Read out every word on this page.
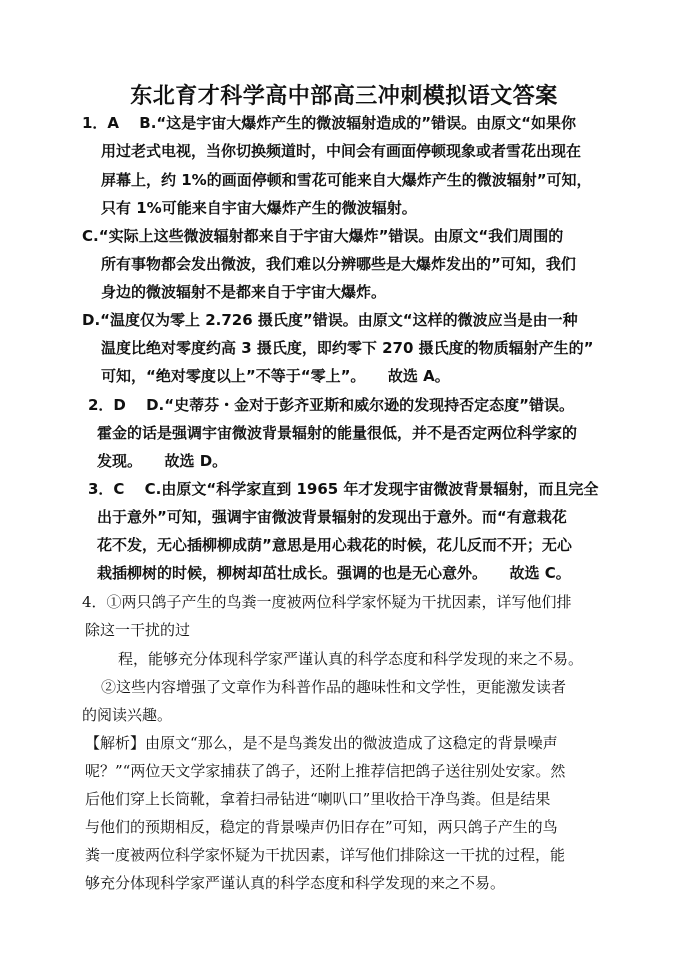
东北育才科学高中部高三冲刺模拟语文答案
1．A　 B.“这是宇宙大爆炸产生的微波辐射造成的”错误。由原文“如果你
用过老式电视，当你切换频道时，中间会有画面停顿现象或者雪花出现在
屏幕上，约 1%的画面停顿和雪花可能来自大爆炸产生的微波辐射”可知，
只有 1%可能来自宇宙大爆炸产生的微波辐射。
C.“实际上这些微波辐射都来自于宇宙大爆炸”错误。由原文“我们周围的
所有事物都会发出微波，我们难以分辨哪些是大爆炸发出的”可知，我们
身边的微波辐射不是都来自于宇宙大爆炸。
D.“温度仅为零上 2.726 摄氏度”错误。由原文“这样的微波应当是由一种
温度比绝对零度约高 3 摄氏度，即约零下 270 摄氏度的物质辐射产生的”
可知，“绝对零度以上”不等于“零上”。　　故选 A。
2．D　 D.“史蒂芬・金对于彭齐亚斯和威尔逊的发现持否定态度”错误。
霍金的话是强调宇宙微波背景辐射的能量很低，并不是否定两位科学家的
发现。　　故选 D。
3．C　 C.由原文“科学家直到 1965 年才发现宇宙微波背景辐射，而且完全
出于意外”可知，强调宇宙微波背景辐射的发现出于意外。而“有意栽花
花不发，无心插柳柳成荫”意思是用心栽花的时候，花儿反而不开；无心
栽插柳树的时候，柳树却茁壮成长。强调的也是无心意外。　　故选 C。
4．①两只鸽子产生的鸟粪一度被两位科学家怀疑为干扰因素，详写他们排
除这一干扰的过
程，能够充分体现科学家严谨认真的科学态度和科学发现的来之不易。
②这些内容增强了文章作为科普作品的趣味性和文学性，更能激发读者
的阅读兴趣。
【解析】由原文“那么，是不是鸟粪发出的微波造成了这稳定的背景噪声
呢？”“两位天文学家捕获了鸽子，还附上推荐信把鸽子送往别处安家。然
后他们穿上长筒靴，拿着扫帚钻进“喇叭口”里收拾干净鸟粪。但是结果
与他们的预期相反，稳定的背景噪声仍旧存在”可知，两只鸽子产生的鸟
粪一度被两位科学家怀疑为干扰因素，详写他们排除这一干扰的过程，能
够充分体现科学家严谨认真的科学态度和科学发现的来之不易。
